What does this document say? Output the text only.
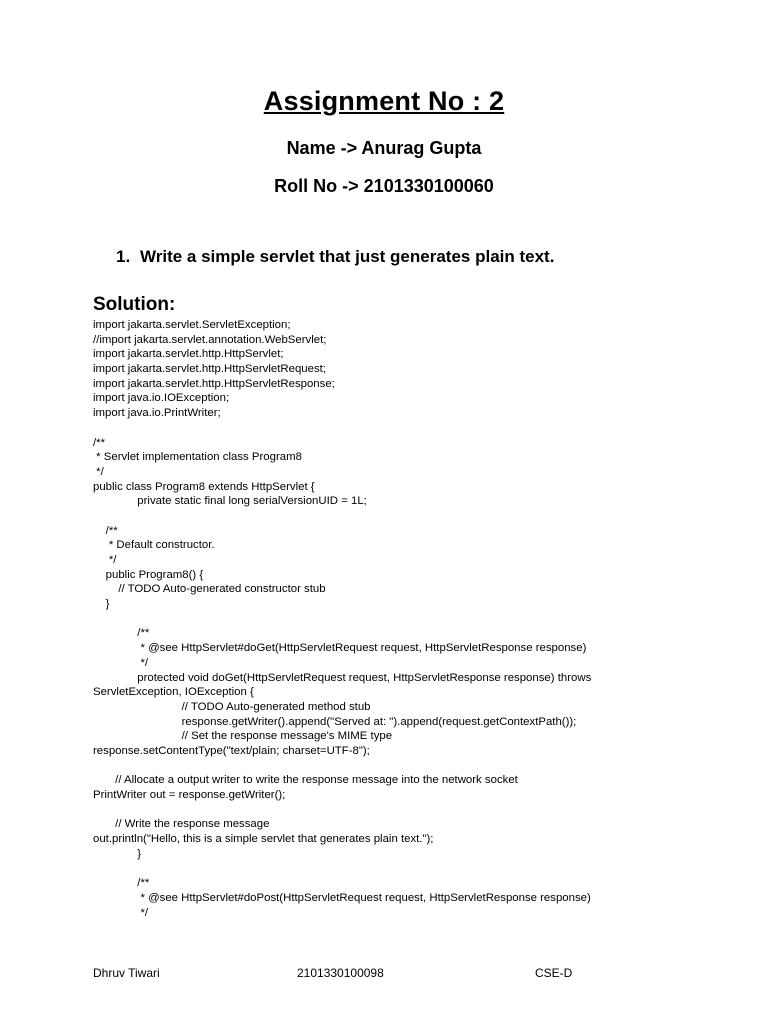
Assignment No : 2
Name -> Anurag Gupta
Roll No -> 2101330100060
1. Write a simple servlet that just generates plain text.
Solution:
import jakarta.servlet.ServletException;
//import jakarta.servlet.annotation.WebServlet;
import jakarta.servlet.http.HttpServlet;
import jakarta.servlet.http.HttpServletRequest;
import jakarta.servlet.http.HttpServletResponse;
import java.io.IOException;
import java.io.PrintWriter;
/**
* Servlet implementation class Program8
*/
public class Program8 extends HttpServlet {
private static final long serialVersionUID = 1L;
/**
* Default constructor.
*/
public Program8() {
// TODO Auto-generated constructor stub
}
/**
* @see HttpServlet#doGet(HttpServletRequest request, HttpServletResponse response)
*/
protected void doGet(HttpServletRequest request, HttpServletResponse response) throws
ServletException, IOException {
// TODO Auto-generated method stub
response.getWriter().append("Served at: ").append(request.getContextPath());
// Set the response message's MIME type
response.setContentType("text/plain; charset=UTF-8");
// Allocate a output writer to write the response message into the network socket
PrintWriter out = response.getWriter();
// Write the response message
out.println("Hello, this is a simple servlet that generates plain text.");
}
/**
* @see HttpServlet#doPost(HttpServletRequest request, HttpServletResponse response)
*/
Dhruv Tiwari	2101330100098	CSE-D
